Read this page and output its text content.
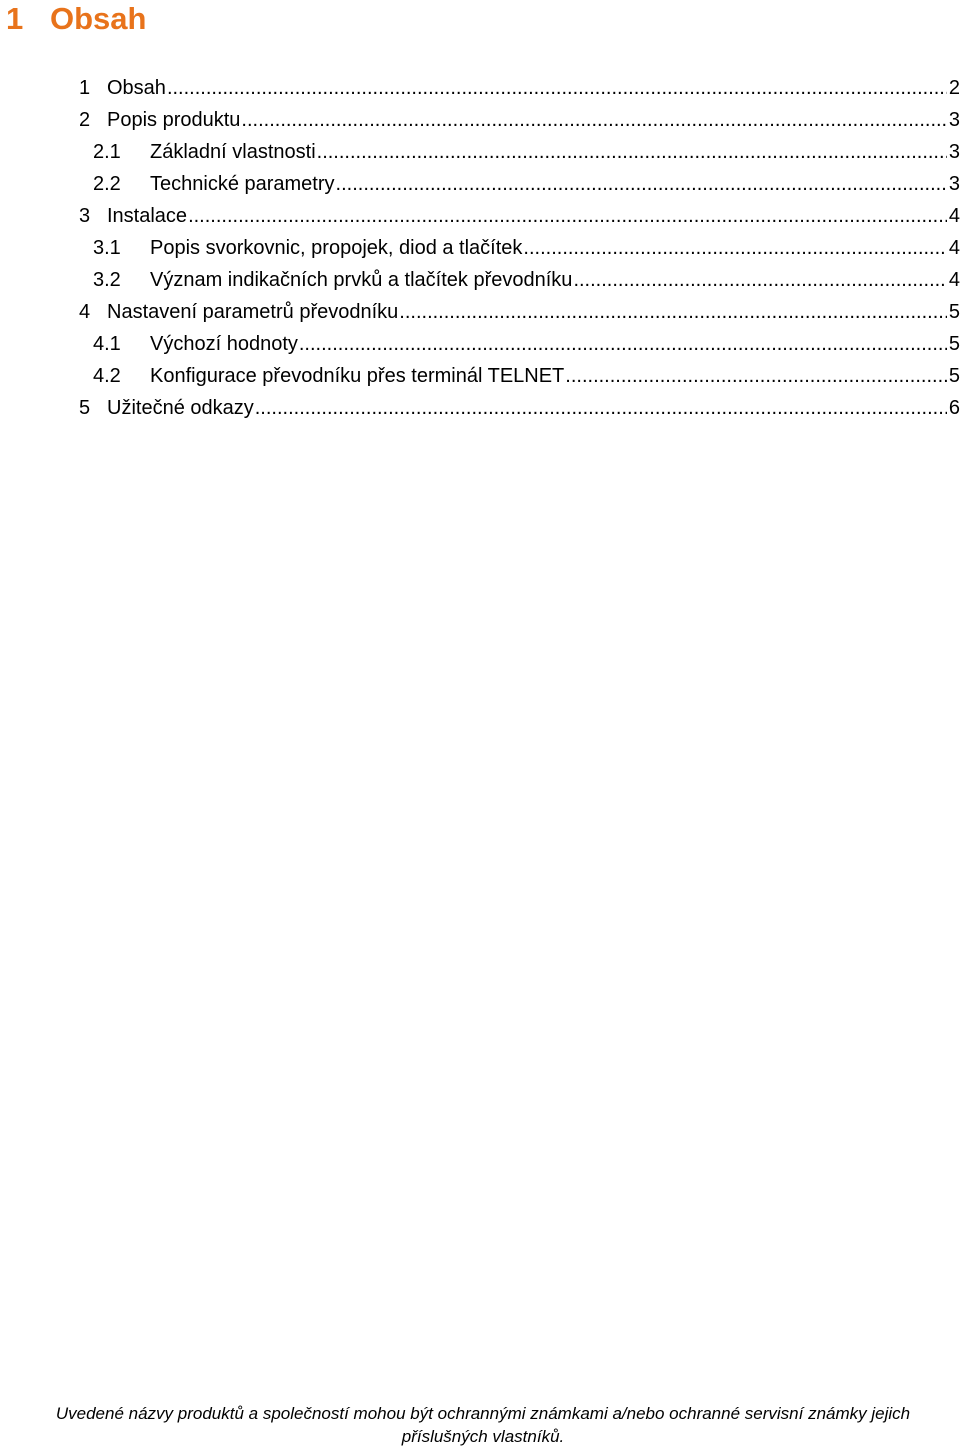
1 Obsah
1 Obsah .....	2
2 Popis produktu .....	3
2.1	Základní vlastnosti .....	3
2.2	Technické parametry .....	3
3 Instalace .....	4
3.1	Popis svorkovnic, propojek, diod a tlačítek .....	4
3.2	Význam indikačních prvků a tlačítek převodníku .....	4
4 Nastavení parametrů převodníku .....	5
4.1	Výchozí hodnoty .....	5
4.2	Konfigurace převodníku přes terminál TELNET .....	5
5 Užitečné odkazy .....	6
Uvedené názvy produktů a společností mohou být ochrannými známkami a/nebo ochranné servisní známky jejich
příslušných vlastníků.
